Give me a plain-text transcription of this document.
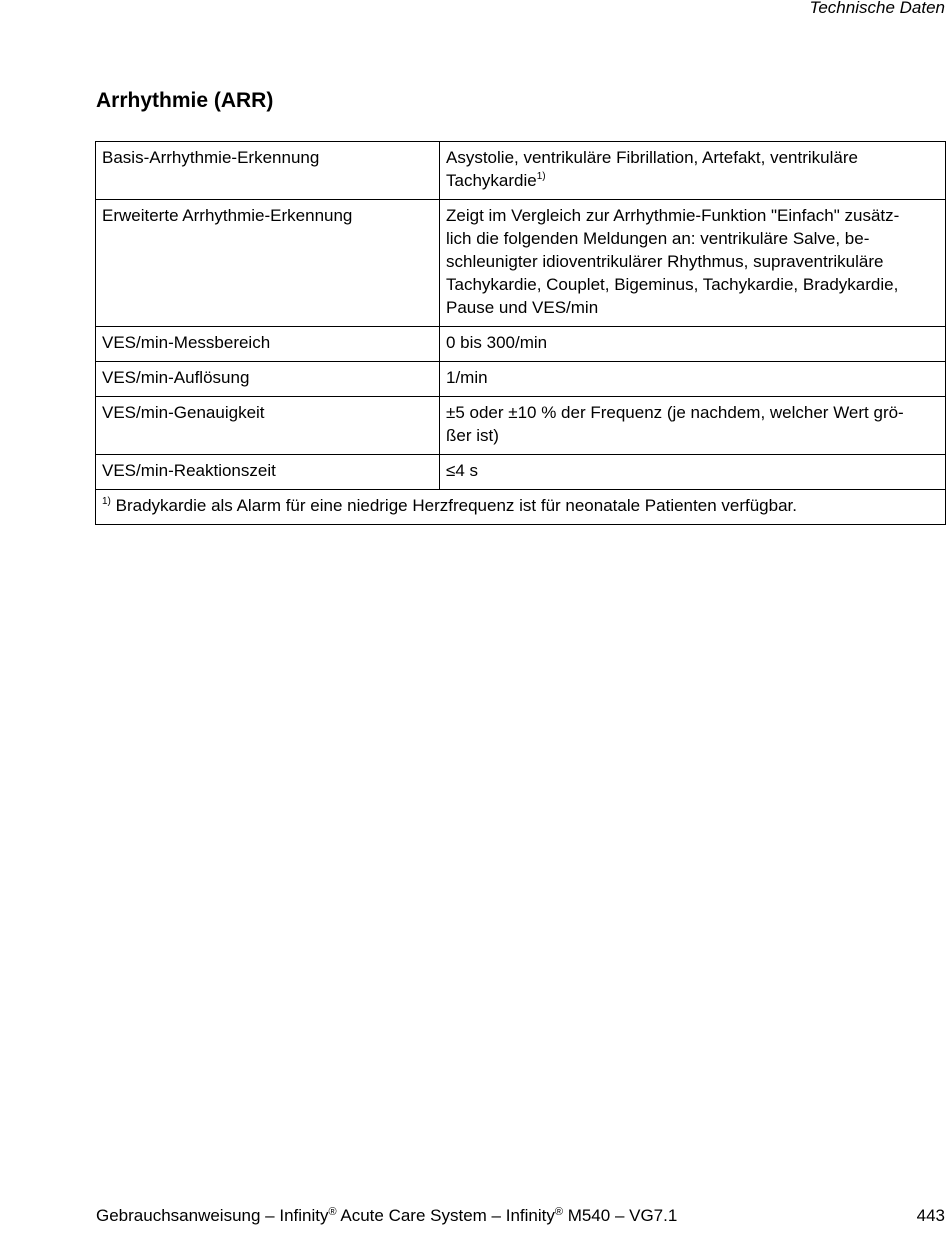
Technische Daten
Arrhythmie (ARR)
Basis-Arrhythmie-Erkennung	Asystolie, ventrikuläre Fibrillation, Artefakt, ventrikuläre Tachykardie$^{1)}$
Erweiterte Arrhythmie-Erkennung	Zeigt im Vergleich zur Arrhythmie-Funktion "Einfach" zusätz-
lich die folgenden Meldungen an: ventrikuläre Salve, be-
schleunigter idioventrikulärer Rhythmus, supraventrikuläre
Tachykardie, Couplet, Bigeminus, Tachykardie, Bradykardie,
Pause und VES/min

VES/min-Messbereich	0 bis 300/min
VES/min-Auflösung	1/min
VES/min-Genauigkeit	±5 oder ±10 % der Frequenz (je nachdem, welcher Wert grö-
ßer ist)

VES/min-Reaktionszeit	≤4 s
$^{1)}$ Bradykardie als Alarm für eine niedrige Herzfrequenz ist für neonatale Patienten verfügbar.	
Gebrauchsanweisung – Infinity® Acute Care System – Infinity® M540 – VG7.1	443
